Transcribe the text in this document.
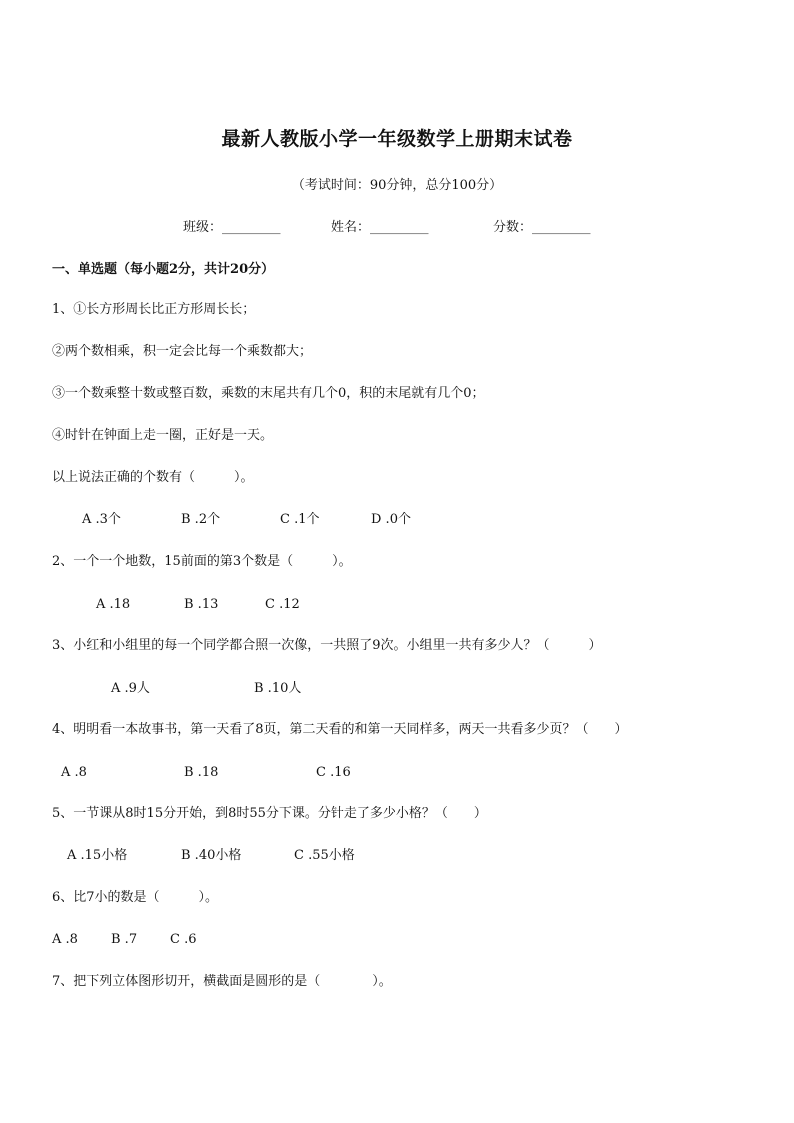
最新人教版小学一年级数学上册期末试卷
（考试时间：90分钟，总分100分）
班级：_________	姓名：_________	分数：_________
一、单选题（每小题2分，共计20分）
1、①长方形周长比正方形周长长；
②两个数相乘，积一定会比每一个乘数都大；
③一个数乘整十数或整百数，乘数的末尾共有几个0，积的末尾就有几个0；
④时针在钟面上走一圈，正好是一天。
以上说法正确的个数有（　　　）。
A .3个	B .2个	C .1个	D .0个
2、一个一个地数，15前面的第3个数是（　　　）。
A .18	B .13	C .12
3、小红和小组里的每一个同学都合照一次像，一共照了9次。小组里一共有多少人？（　　　）
A .9人	B .10人
4、明明看一本故事书，第一天看了8页，第二天看的和第一天同样多，两天一共看多少页？（　　）
A .8	B .18	C .16
5、一节课从8时15分开始，到8时55分下课。分针走了多少小格？（　　）
A .15小格	B .40小格	C .55小格
6、比7小的数是（　　　）。
A .8	B .7	C .6
7、把下列立体图形切开，横截面是圆形的是（　　　　）。
